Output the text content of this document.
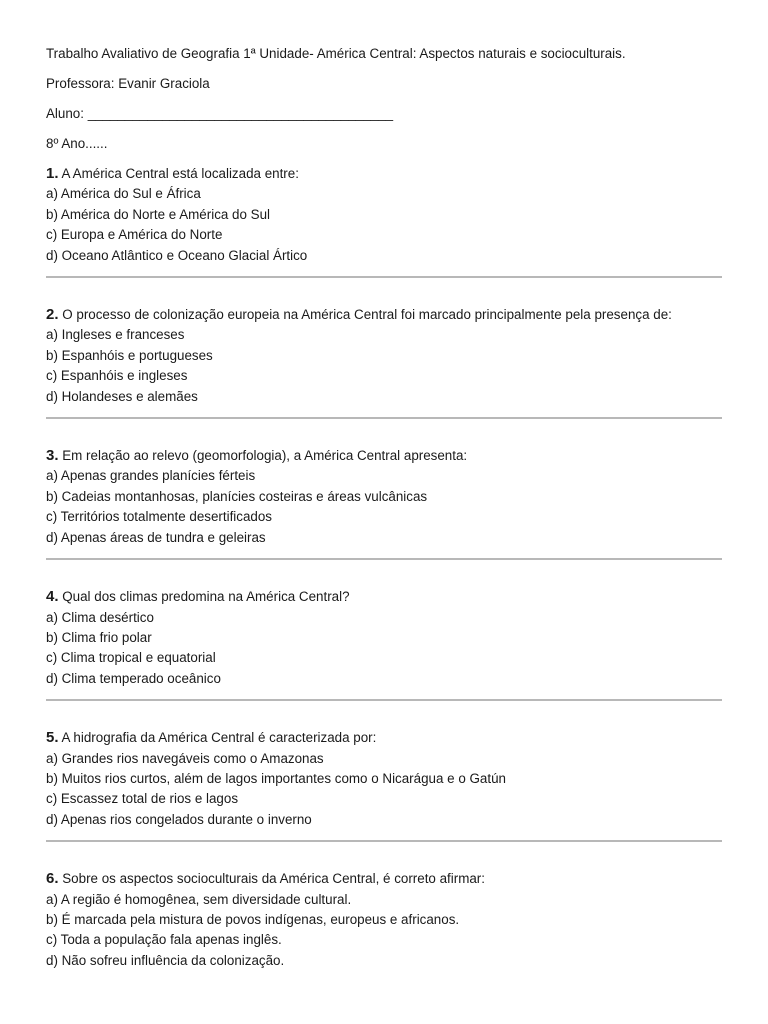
Trabalho Avaliativo de Geografia 1ª Unidade- América Central: Aspectos naturais e socioculturais.
Professora: Evanir Graciola
Aluno: _________________________________________
8º Ano......
1. A América Central está localizada entre:
a) América do Sul e África
b) América do Norte e América do Sul
c) Europa e América do Norte
d) Oceano Atlântico e Oceano Glacial Ártico
2. O processo de colonização europeia na América Central foi marcado principalmente pela presença de:
a) Ingleses e franceses
b) Espanhóis e portugueses
c) Espanhóis e ingleses
d) Holandeses e alemães
3. Em relação ao relevo (geomorfologia), a América Central apresenta:
a) Apenas grandes planícies férteis
b) Cadeias montanhosas, planícies costeiras e áreas vulcânicas
c) Territórios totalmente desertificados
d) Apenas áreas de tundra e geleiras
4. Qual dos climas predomina na América Central?
a) Clima desértico
b) Clima frio polar
c) Clima tropical e equatorial
d) Clima temperado oceânico
5. A hidrografia da América Central é caracterizada por:
a) Grandes rios navegáveis como o Amazonas
b) Muitos rios curtos, além de lagos importantes como o Nicarágua e o Gatún
c) Escassez total de rios e lagos
d) Apenas rios congelados durante o inverno
6. Sobre os aspectos socioculturais da América Central, é correto afirmar:
a) A região é homogênea, sem diversidade cultural.
b) É marcada pela mistura de povos indígenas, europeus e africanos.
c) Toda a população fala apenas inglês.
d) Não sofreu influência da colonização.
